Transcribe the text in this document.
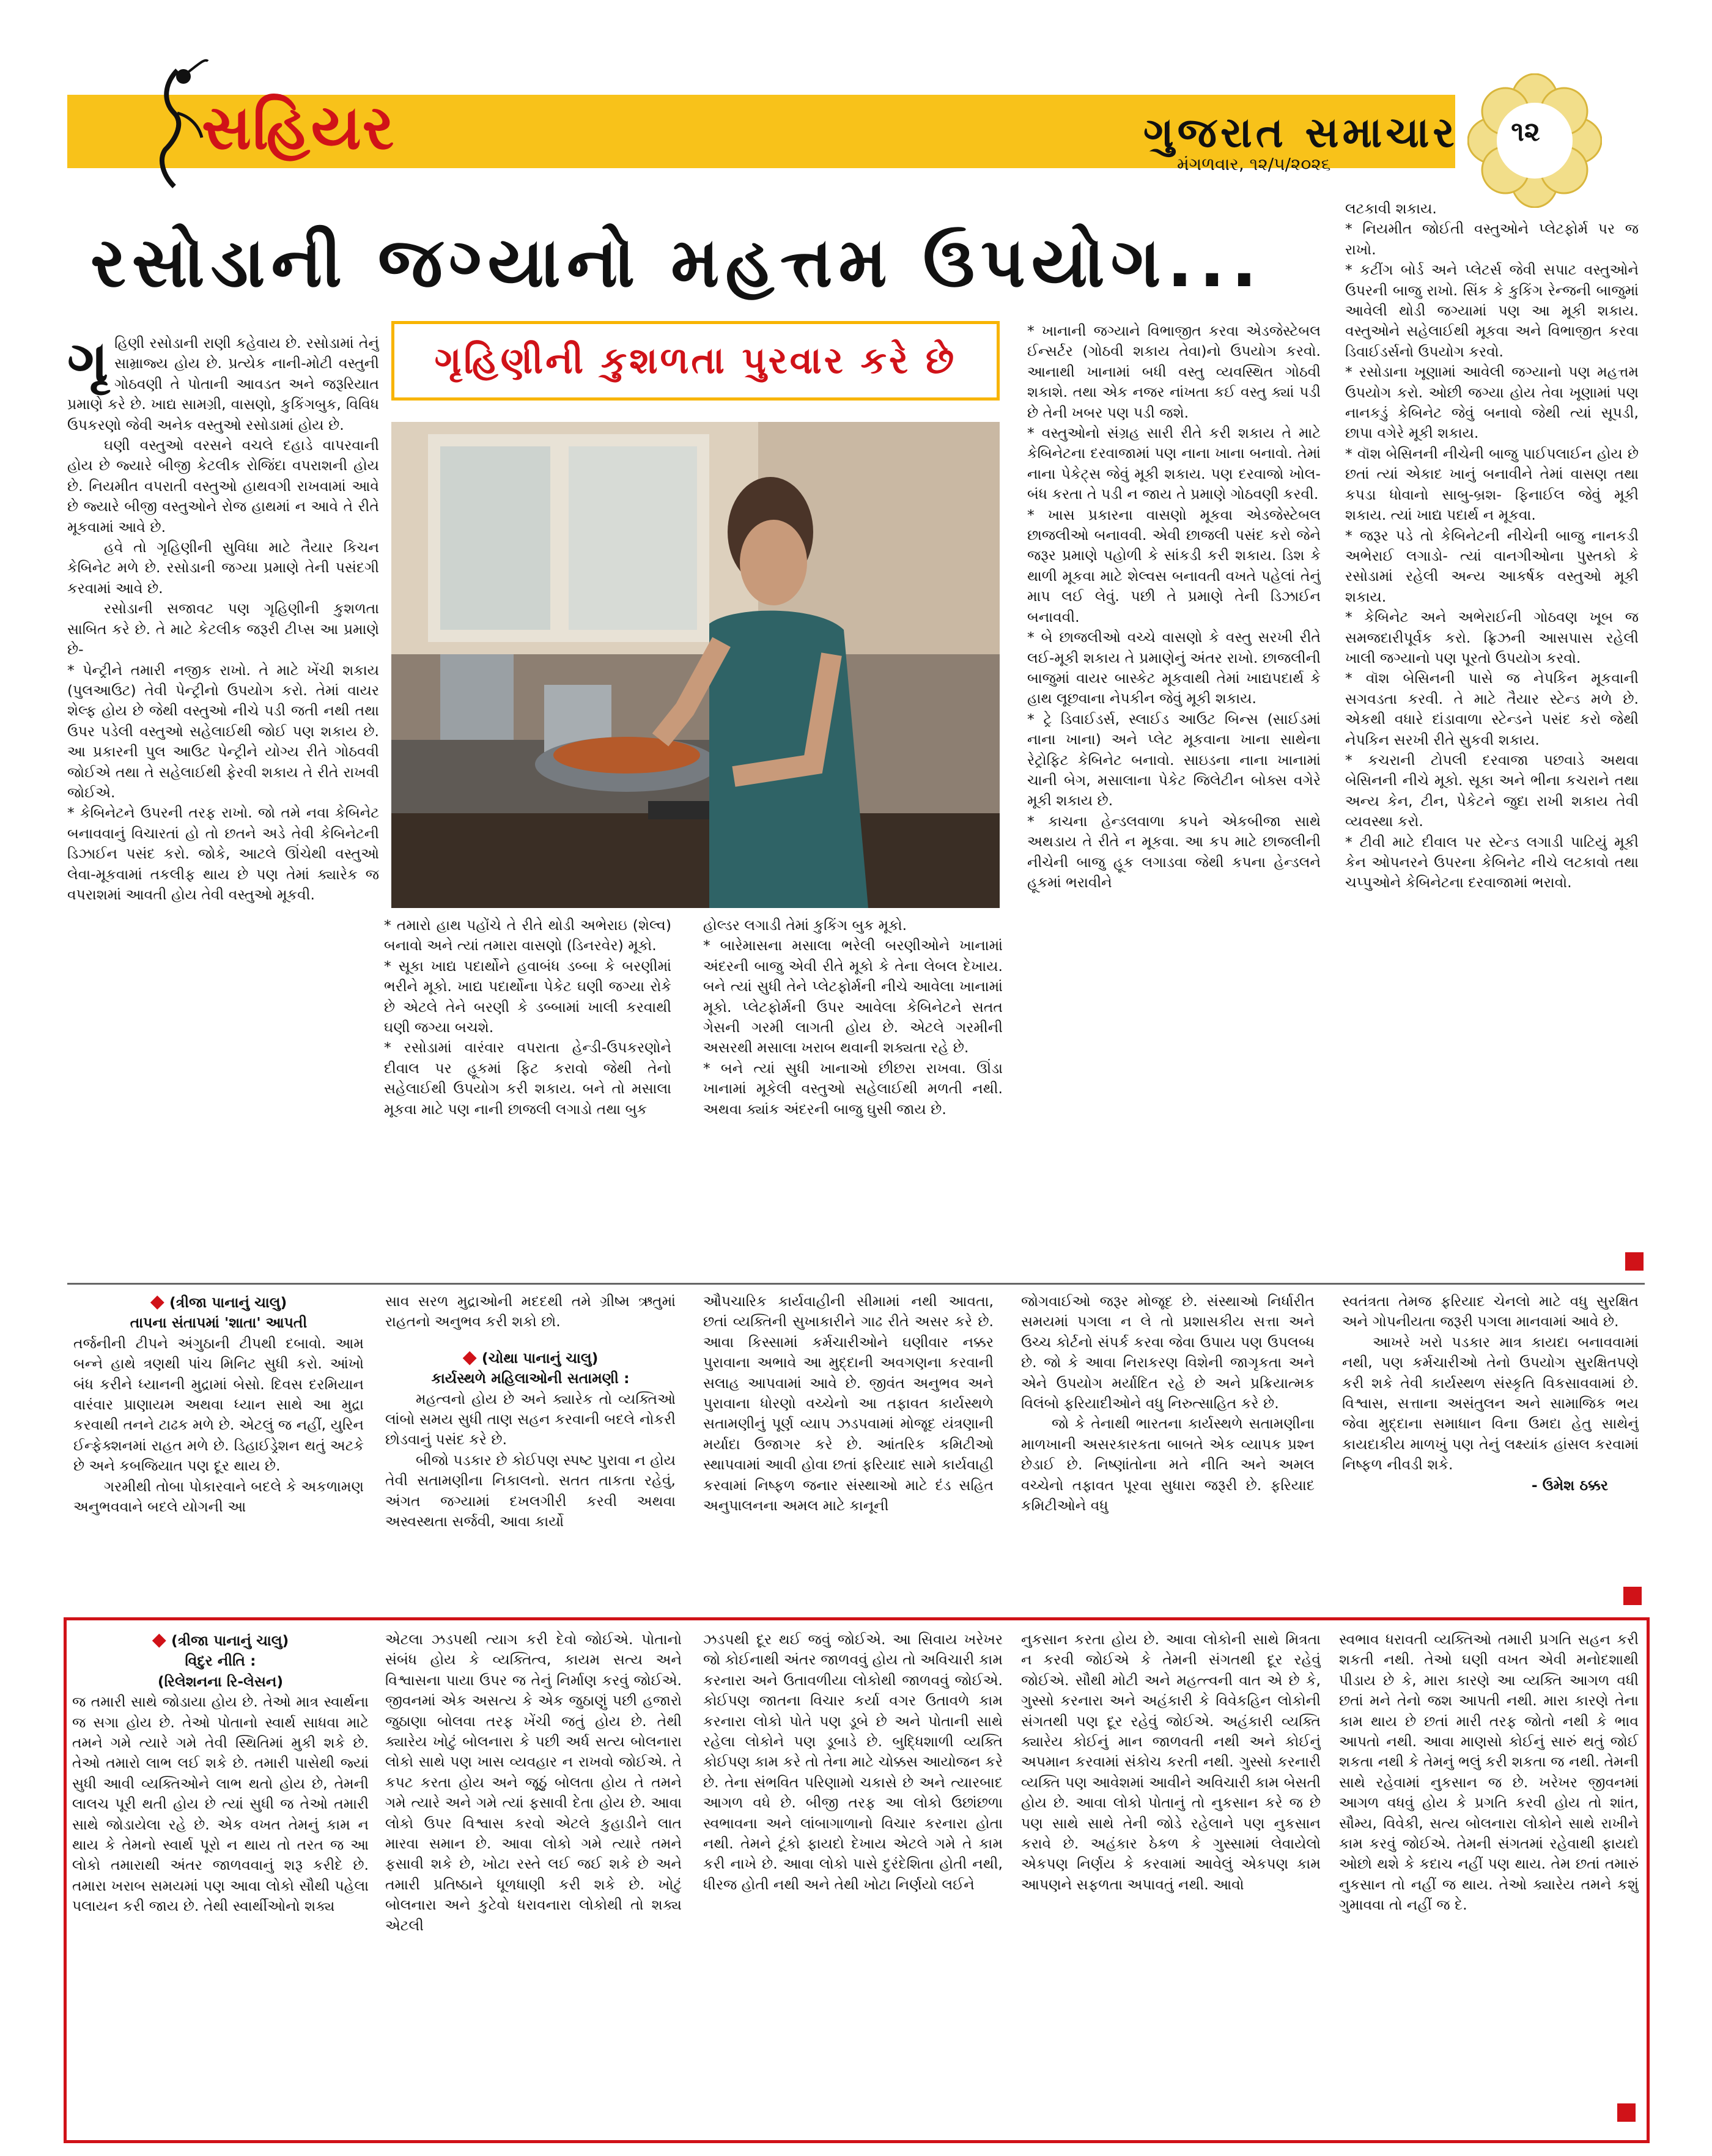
સહિયર	ગુજરાત સમાચાર
મંગળવાર, ૧૨/૫/૨૦૨૬
૧૨
રસોડાની જગ્યાનો મહત્તમ ઉપયોગ...

ગૃહિણી રસોડાની રાણી કહેવાય છે. રસોડામાં તેનું સામ્રાજ્ય હોય છે. પ્રત્યેક નાની-મોટી વસ્તુની ગોઠવણી તે પોતાની આવડત અને જરૂરિયાત પ્રમાણે કરે છે. ખાદ્ય સામગ્રી, વાસણો, કુકિંગબુક, વિવિધ ઉપકરણો જેવી અનેક વસ્તુઓ રસોડામાં હોય છે.

ઘણી વસ્તુઓ વરસને વચલે દહાડે વાપરવાની હોય છે જ્યારે બીજી કેટલીક રોજિંદા વપરાશની હોય છે. નિયમીત વપરાતી વસ્તુઓ હાથવગી રાખવામાં આવે છે જ્યારે બીજી વસ્તુઓને રોજ હાથમાં ન આવે તે રીતે મૂકવામાં આવે છે.

હવે તો ગૃહિણીની સુવિધા માટે તૈયાર કિચન કેબિનેટ મળે છે. રસોડાની જગ્યા પ્રમાણે તેની પસંદગી કરવામાં આવે છે.

રસોડાની સજાવટ પણ ગૃહિણીની કુશળતા સાબિત કરે છે. તે માટે કેટલીક જરૂરી ટીપ્સ આ પ્રમાણે છે-

* પેન્ટ્રીને તમારી નજીક રાખો. તે માટે ખેંચી શકાય (પુલઆઉટ) તેવી પેન્ટ્રીનો ઉપયોગ કરો. તેમાં વાયર શેલ્ફ હોય છે જેથી વસ્તુઓ નીચે પડી જતી નથી તથા ઉપર પડેલી વસ્તુઓ સહેલાઈથી જોઈ પણ શકાય છે. આ પ્રકારની પુલ આઉટ પેન્ટ્રીને યોગ્ય રીતે ગોઠવવી જોઈએ તથા તે સહેલાઈથી ફેરવી શકાય તે રીતે રાખવી જોઈએ.

* કેબિનેટને ઉપરની તરફ રાખો. જો તમે નવા કેબિનેટ બનાવવાનું વિચારતાં હો તો છતને અડે તેવી કેબિનેટની ડિઝાઈન પસંદ કરો. જોકે, આટલે ઊંચેથી વસ્તુઓ લેવા-મૂકવામાં તકલીફ થાય છે પણ તેમાં ક્યારેક જ વપરાશમાં આવતી હોય તેવી વસ્તુઓ મૂકવી.

ગૃહિણીની કુશળતા પુરવાર કરે છે

* તમારો હાથ પહોંચે તે રીતે થોડી અભેરાઇ (શેલ્વ) બનાવો અને ત્યાં તમારા વાસણો (ડિનરવેર) મૂકો.

* સૂકા ખાદ્ય પદાર્થોને હવાબંધ ડબ્બા કે બરણીમાં ભરીને મૂકો. ખાદ્ય પદાર્થોના પેકેટ ઘણી જગ્યા રોકે છે એટલે તેને બરણી કે ડબ્બામાં ખાલી કરવાથી ઘણી જગ્યા બચશે.

* રસોડામાં વારંવાર વપરાતા હેન્ડી-ઉપકરણોને દીવાલ પર હૂકમાં ફિટ કરાવો જેથી તેનો સહેલાઈથી ઉપયોગ કરી શકાય. બને તો મસાલા મૂકવા માટે પણ નાની છાજલી લગાડો તથા બુક

હોલ્ડર લગાડી તેમાં કુકિંગ બુક મૂકો.

* બારેમાસના મસાલા ભરેલી બરણીઓને ખાનામાં અંદરની બાજુ એવી રીતે મૂકો કે તેના લેબલ દેખાય. બને ત્યાં સુધી તેને પ્લેટફોર્મની નીચે આવેલા ખાનામાં મૂકો. પ્લેટફોર્મની ઉપર આવેલા કેબિનેટને સતત ગેસની ગરમી લાગતી હોય છે. એટલે ગરમીની અસરથી મસાલા ખરાબ થવાની શક્યતા રહે છે.

* બને ત્યાં સુધી ખાનાઓ છીછરા રાખવા. ઊંડા ખાનામાં મૂકેલી વસ્તુઓ સહેલાઈથી મળતી નથી. અથવા ક્યાંક અંદરની બાજુ ઘુસી જાય છે.

* ખાનાની જગ્યાને વિભાજીત કરવા એડજેસ્ટેબલ ઈન્સર્ટર (ગોઠવી શકાય તેવા)નો ઉપયોગ કરવો. આનાથી ખાનામાં બધી વસ્તુ વ્યવસ્થિત ગોઠવી શકાશે. તથા એક નજર નાંખતા કઈ વસ્તુ ક્યાં પડી છે તેની ખબર પણ પડી જશે.

* વસ્તુઓનો સંગ્રહ સારી રીતે કરી શકાય તે માટે કેબિનેટના દરવાજામાં પણ નાના ખાના બનાવો. તેમાં નાના પેકેટ્સ જેવું મૂકી શકાય. પણ દરવાજો ખોલ-બંધ કરતા તે પડી ન જાય તે પ્રમાણે ગોઠવણી કરવી.

* ખાસ પ્રકારના વાસણો મૂકવા એડજેસ્ટેબલ છાજલીઓ બનાવવી. એવી છાજલી પસંદ કરો જેને જરૂર પ્રમાણે પહોળી કે સાંકડી કરી શકાય. ડિશ કે થાળી મૂકવા માટે શેલ્વસ બનાવતી વખતે પહેલાં તેનું માપ લઈ લેવું. પછી તે પ્રમાણે તેની ડિઝાઈન બનાવવી.

* બે છાજલીઓ વચ્ચે વાસણો કે વસ્તુ સરખી રીતે લઈ-મૂકી શકાય તે પ્રમાણેનું અંતર રાખો. છાજલીની બાજુમાં વાયર બાસ્કેટ મૂકવાથી તેમાં ખાદ્યપદાર્થ કે હાથ લૂછવાના નેપકીન જેવું મૂકી શકાય.

* ટ્રે ડિવાઈડર્સ, સ્લાઈડ આઉટ બિન્સ (સાઈડમાં નાના ખાના) અને પ્લેટ મૂકવાના ખાના સાથેના રેટ્રોફિટ કેબિનેટ બનાવો. સાઇડના નાના ખાનામાં ચાની બેગ, મસાલાના પેકેટ જિલેટીન બોક્સ વગેરે મૂકી શકાય છે.

* કાચના હેન્ડલવાળા કપને એકબીજા સાથે અથડાય તે રીતે ન મૂકવા. આ કપ માટે છાજલીની નીચેની બાજુ હૂક લગાડવા જેથી કપના હેન્ડલને હૂકમાં ભરાવીને

લટકાવી શકાય.

* નિયમીત જોઈતી વસ્તુઓને પ્લેટફોર્મ પર જ રાખો.

* કટીંગ બોર્ડ અને પ્લેટર્સ જેવી સપાટ વસ્તુઓને ઉપરની બાજુ રાખો. સિંક કે કુકિંગ રેન્જની બાજુમાં આવેલી થોડી જગ્યામાં પણ આ મૂકી શકાય. વસ્તુઓને સહેલાઈથી મૂકવા અને વિભાજીત કરવા ડિવાઈડર્સનો ઉપયોગ કરવો.

* રસોડાના ખૂણામાં આવેલી જગ્યાનો પણ મહત્તમ ઉપયોગ કરો. ઓછી જગ્યા હોય તેવા ખૂણામાં પણ નાનકડું કેબિનેટ જેવું બનાવો જેથી ત્યાં સૂપડી, છાપા વગેરે મૂકી શકાય.

* વૉશ બેસિનની નીચેની બાજુ પાઈપલાઈન હોય છે છતાં ત્યાં એકાદ ખાનું બનાવીને તેમાં વાસણ તથા કપડા ધોવાનો સાબુ-બ્રશ- ફિનાઈલ જેવું મૂકી શકાય. ત્યાં ખાદ્ય પદાર્થ ન મૂકવા.

* જરૂર પડે તો કેબિનેટની નીચેની બાજુ નાનકડી અભેરાઈ લગાડો- ત્યાં વાનગીઓના પુસ્તકો કે રસોડામાં રહેલી અન્ય આકર્ષક વસ્તુઓ મૂકી શકાય.

* કેબિનેટ અને અભેરાઈની ગોઠવણ ખૂબ જ સમજદારીપૂર્વક કરો. ફ્રિઝની આસપાસ રહેલી ખાલી જગ્યાનો પણ પૂરતો ઉપયોગ કરવો.

* વૉશ બેસિનની પાસે જ નેપકિન મૂકવાની સગવડતા કરવી. તે માટે તૈયાર સ્ટેન્ડ મળે છે. એકથી વધારે દાંડાવાળા સ્ટેન્ડને પસંદ કરો જેથી નેપકિન સરખી રીતે સુકવી શકાય.

* કચરાની ટોપલી દરવાજા પછવાડે અથવા બેસિનની નીચે મૂકો. સૂકા અને ભીના કચરાને તથા અન્ય કેન, ટીન, પેકેટને જુદા રાખી શકાય તેવી વ્યવસ્થા કરો.

* ટીવી માટે દીવાલ પર સ્ટેન્ડ લગાડી પાટિયું મૂકી કેન ઓપનરને ઉપરના કેબિનેટ નીચે લટકાવો તથા ચપ્પુઓને કેબિનેટના દરવાજામાં ભરાવો.

◆ (ત્રીજા પાનાનું ચાલુ)

તાપના સંતાપમાં 'શાતા' આપતી

તર્જનીની ટીપને અંગુઠાની ટીપથી દબાવો. આમ બન્ને હાથે ત્રણથી પાંચ મિનિટ સુધી કરો. આંખો બંધ કરીને ધ્યાનની મુદ્રામાં બેસો. દિવસ દરમિયાન વારંવાર પ્રાણાયમ અથવા ધ્યાન સાથે આ મુદ્રા કરવાથી તનને ટાઢક મળે છે. એટલું જ નહીં, યુરિન ઈન્ફેક્શનમાં રાહત મળે છે. ડિહાઈડ્રેશન થતું અટકે છે અને કબજિયાત પણ દૂર થાય છે.

ગરમીથી તોબા પોકારવાને બદલે કે અકળામણ અનુભવવાને બદલે યોગની આ

સાવ સરળ મુદ્રાઓની મદદથી તમે ગ્રીષ્મ ઋતુમાં રાહતનો અનુભવ કરી શકો છો.

◆ (ચોથા પાનાનું ચાલુ)

કાર્યસ્થળે મહિલાઓની સતામણી :

મહત્વનો હોય છે અને ક્યારેક તો વ્યક્તિઓ લાંબો સમય સુધી તાણ સહન કરવાની બદલે નોકરી છોડવાનું પસંદ કરે છે.

બીજો પડકાર છે કોઈપણ સ્પષ્ટ પુરાવા ન હોય તેવી સતામણીના નિકાલનો. સતત તાકતા રહેવું, અંગત જગ્યામાં દખલગીરી કરવી અથવા અસ્વસ્થતા સર્જવી, આવા કાર્યો

ઔપચારિક કાર્યવાહીની સીમામાં નથી આવતા, છતાં વ્યક્તિની સુખાકારીને ગાઢ રીતે અસર કરે છે. આવા કિસ્સામાં કર્મચારીઓને ઘણીવાર નક્કર પુરાવાના અભાવે આ મુદ્દાની અવગણના કરવાની સલાહ આપવામાં આવે છે. જીવંત અનુભવ અને પુરાવાના ધોરણો વચ્ચેનો આ તફાવત કાર્યસ્થળે સતામણીનું પૂર્ણ વ્યાપ ઝડપવામાં મોજૂદ યંત્રણાની મર્યાદા ઉજાગર કરે છે. આંતરિક કમિટીઓ સ્થાપવામાં આવી હોવા છતાં ફરિયાદ સામે કાર્યવાહી કરવામાં નિષ્ફળ જનાર સંસ્થાઓ માટે દંડ સહિત અનુપાલનના અમલ માટે કાનૂની

જોગવાઈઓ જરૂર મોજૂદ છે. સંસ્થાઓ નિર્ધારીત સમયમાં પગલા ન લે તો પ્રશાસકીય સત્તા અને ઉચ્ચ કોર્ટનો સંપર્ક કરવા જેવા ઉપાય પણ ઉપલબ્ધ છે. જો કે આવા નિરાકરણ વિશેની જાગૃકતા અને એને ઉપયોગ મર્યાદિત રહે છે અને પ્રક્રિયાત્મક વિલંબો ફરિયાદીઓને વધુ નિરુત્સાહિત કરે છે.

જો કે તેનાથી ભારતના કાર્યસ્થળે સતામણીના માળખાની અસરકારકતા બાબતે એક વ્યાપક પ્રશ્ન છેડાઈ છે. નિષ્ણાંતોના મતે નીતિ અને અમલ વચ્ચેનો તફાવત પૂરવા સુધારા જરૂરી છે. ફરિયાદ કમિટીઓને વધુ

સ્વતંત્રતા તેમજ ફરિયાદ ચેનલો માટે વધુ સુરક્ષિત અને ગોપનીયતા જરૂરી પગલા માનવામાં આવે છે.

આખરે ખરો પડકાર માત્ર કાયદા બનાવવામાં નથી, પણ કર્મચારીઓ તેનો ઉપયોગ સુરક્ષિતપણે કરી શકે તેવી કાર્યસ્થળ સંસ્કૃતિ વિકસાવવામાં છે. વિશ્વાસ, સત્તાના અસંતુલન અને સામાજિક ભય જેવા મુદ્દાના સમાધાન વિના ઉમદા હેતુ સાથેનું કાયદાકીય માળખું પણ તેનું લક્ષ્યાંક હાંસલ કરવામાં નિષ્ફળ નીવડી શકે.

- ઉમેશ ઠક્કર

◆ (ત્રીજા પાનાનું ચાલુ)

વિદુર નીતિ :

(રિલેશનના રિ-લેસન)

જ તમારી સાથે જોડાયા હોય છે. તેઓ માત્ર સ્વાર્થના જ સગા હોય છે. તેઓ પોતાનો સ્વાર્થ સાધવા માટે તમને ગમે ત્યારે ગમે તેવી સ્થિતિમાં મુકી શકે છે. તેઓ તમારો લાભ લઈ શકે છે. તમારી પાસેથી જ્યાં સુધી આવી વ્યક્તિઓને લાભ થતો હોય છે, તેમની લાલચ પૂરી થતી હોય છે ત્યાં સુધી જ તેઓ તમારી સાથે જોડાયેલા રહે છે. એક વખત તેમનું કામ ન થાય કે તેમનો સ્વાર્થ પૂરો ન થાય તો તરત જ આ લોકો તમારાથી અંતર જાળવવાનું શરૂ કરીદે છે. તમારા ખરાબ સમયમાં પણ આવા લોકો સૌથી પહેલા પલાયન કરી જાય છે. તેથી સ્વાર્થીઓનો શક્ય

એટલા ઝડપથી ત્યાગ કરી દેવો જોઈએ. પોતાનો સંબંધ હોય કે વ્યક્તિત્વ, કાયમ સત્ય અને વિશ્વાસના પાયા ઉપર જ તેનું નિર્માણ કરવું જોઈએ. જીવનમાં એક અસત્ય કે એક જુઠાણું પછી હજારો જુઠાણા બોલવા તરફ ખેંચી જતું હોય છે. તેથી ક્યારેય ખોટું બોલનારા કે પછી અર્ધ સત્ય બોલનારા લોકો સાથે પણ ખાસ વ્યવહાર ન રાખવો જોઈએ. તે કપટ કરતા હોય અને જૂઠું બોલતા હોય તે તમને ગમે ત્યારે અને ગમે ત્યાં ફસાવી દેતા હોય છે. આવા લોકો ઉપર વિશ્વાસ કરવો એટલે કુહાડીને લાત મારવા સમાન છે. આવા લોકો ગમે ત્યારે તમને ફસાવી શકે છે, ખોટા રસ્તે લઈ જઈ શકે છે અને તમારી પ્રતિષ્ઠાને ધૂળધાણી કરી શકે છે. ખોટું બોલનારા અને કુટેવો ધરાવનારા લોકોથી તો શક્ય એટલી

ઝડપથી દૂર થઈ જવું જોઈએ. આ સિવાય ખરેખર જો કોઈનાથી અંતર જાળવવું હોય તો અવિચારી કામ કરનારા અને ઉતાવળીયા લોકોથી જાળવવું જોઈએ. કોઈપણ જાતના વિચાર કર્યા વગર ઉતાવળે કામ કરનારા લોકો પોતે પણ ડૂબે છે અને પોતાની સાથે રહેલા લોકોને પણ ડૂબાડે છે. બુદ્ધિશાળી વ્યક્તિ કોઈપણ કામ કરે તો તેના માટે ચોક્કસ આયોજન કરે છે. તેના સંભવિત પરિણામો ચકાસે છે અને ત્યારબાદ આગળ વધે છે. બીજી તરફ આ લોકો ઉછાંછળા સ્વભાવના અને લાંબાગાળાનો વિચાર કરનારા હોતા નથી. તેમને ટૂંકો ફાયદો દેખાય એટલે ગમે તે કામ કરી નાખે છે. આવા લોકો પાસે દુરંદેશિતા હોતી નથી, ધીરજ હોતી નથી અને તેથી ખોટા નિર્ણયો લઈને

નુકસાન કરતા હોય છે. આવા લોકોની સાથે મિત્રતા ન કરવી જોઈએ કે તેમની સંગતથી દૂર રહેવું જોઈએ. સૌથી મોટી અને મહત્ત્વની વાત એ છે કે, ગુસ્સો કરનારા અને અહંકારી કે વિવેકહિન લોકોની સંગતથી પણ દૂર રહેવું જોઈએ. અહંકારી વ્યક્તિ ક્યારેય કોઈનું માન જાળવતી નથી અને કોઈનું અપમાન કરવામાં સંકોચ કરતી નથી. ગુસ્સો કરનારી વ્યક્તિ પણ આવેશમાં આવીને અવિચારી કામ બેસતી હોય છે. આવા લોકો પોતાનું તો નુકસાન કરે જ છે પણ સાથે સાથે તેની જોડે રહેલાને પણ નુકસાન કરાવે છે. અહંકાર ઠેકળ કે ગુસ્સામાં લેવાયેલો એકપણ નિર્ણય કે કરવામાં આવેલું એકપણ કામ આપણને સફળતા અપાવતું નથી. આવો

સ્વભાવ ધરાવતી વ્યક્તિઓ તમારી પ્રગતિ સહન કરી શકતી નથી. તેઓ ઘણી વખત એવી મનોદશાથી પીડાય છે કે, મારા કારણે આ વ્યક્તિ આગળ વધી છતાં મને તેનો જશ આપતી નથી. મારા કારણે તેના કામ થાય છે છતાં મારી તરફ જોતો નથી કે ભાવ આપતો નથી. આવા માણસો કોઈનું સારું થતું જોઈ શકતા નથી કે તેમનું ભલું કરી શકતા જ નથી. તેમની સાથે રહેવામાં નુકસાન જ છે. ખરેખર જીવનમાં આગળ વધવું હોય કે પ્રગતિ કરવી હોય તો શાંત, સૌમ્ય, વિવેકી, સત્ય બોલનારા લોકોને સાથે રાખીને કામ કરવું જોઈએ. તેમની સંગતમાં રહેવાથી ફાયદો ઓછો થશે કે કદાચ નહીં પણ થાય. તેમ છતાં તમારું નુકસાન તો નહીં જ થાય. તેઓ ક્યારેય તમને કશું ગુમાવવા તો નહીં જ દે.
